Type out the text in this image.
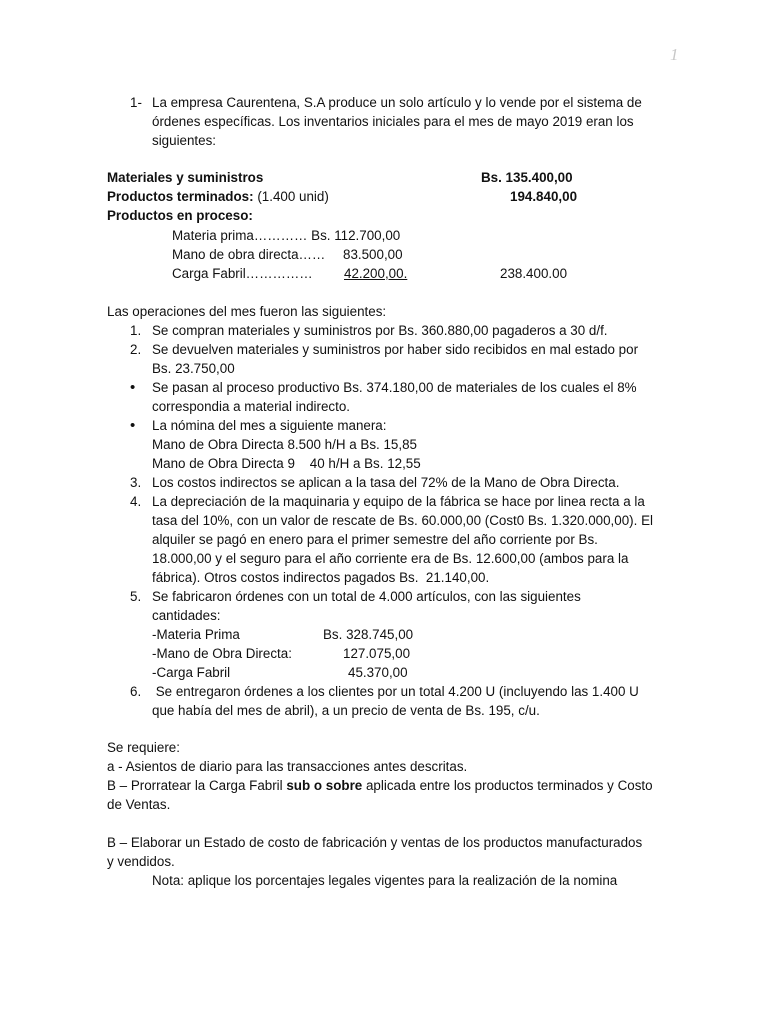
1
1- La empresa Caurentena, S.A produce un solo artículo y lo vende por el sistema de
órdenes específicas. Los inventarios iniciales para el mes de mayo 2019 eran los
siguientes:
Materiales y suministros	Bs. 135.400,00
Productos terminados: (1.400 unid)	194.840,00
Productos en proceso:
Materia prima………… Bs. 112.700,00
Mano de obra directa…… 83.500,00
Carga Fabril…………… 42.200,00.	238.400.00
Las operaciones del mes fueron las siguientes:
1. Se compran materiales y suministros por Bs. 360.880,00 pagaderos a 30 d/f.
2. Se devuelven materiales y suministros por haber sido recibidos en mal estado por
Bs. 23.750,00
• Se pasan al proceso productivo Bs. 374.180,00 de materiales de los cuales el 8%
correspondia a material indirecto.
• La nómina del mes a siguiente manera:
Mano de Obra Directa 8.500 h/H a Bs. 15,85
Mano de Obra Directa 9    40 h/H a Bs. 12,55
3. Los costos indirectos se aplican a la tasa del 72% de la Mano de Obra Directa.
4. La depreciación de la maquinaria y equipo de la fábrica se hace por linea recta a la
tasa del 10%, con un valor de rescate de Bs. 60.000,00 (Cost0 Bs. 1.320.000,00). El
alquiler se pagó en enero para el primer semestre del año corriente por Bs.
18.000,00 y el seguro para el año corriente era de Bs. 12.600,00 (ambos para la
fábrica). Otros costos indirectos pagados Bs.  21.140,00.
5. Se fabricaron órdenes con un total de 4.000 artículos, con las siguientes
cantidades:
-Materia Prima	Bs. 328.745,00
-Mano de Obra Directa:	127.075,00
-Carga Fabril	45.370,00
6. Se entregaron órdenes a los clientes por un total 4.200 U (incluyendo las 1.400 U
que había del mes de abril), a un precio de venta de Bs. 195, c/u.
Se requiere:
a - Asientos de diario para las transacciones antes descritas.
B – Prorratear la Carga Fabril sub o sobre aplicada entre los productos terminados y Costo
de Ventas.
B – Elaborar un Estado de costo de fabricación y ventas de los productos manufacturados
y vendidos.
Nota: aplique los porcentajes legales vigentes para la realización de la nomina
